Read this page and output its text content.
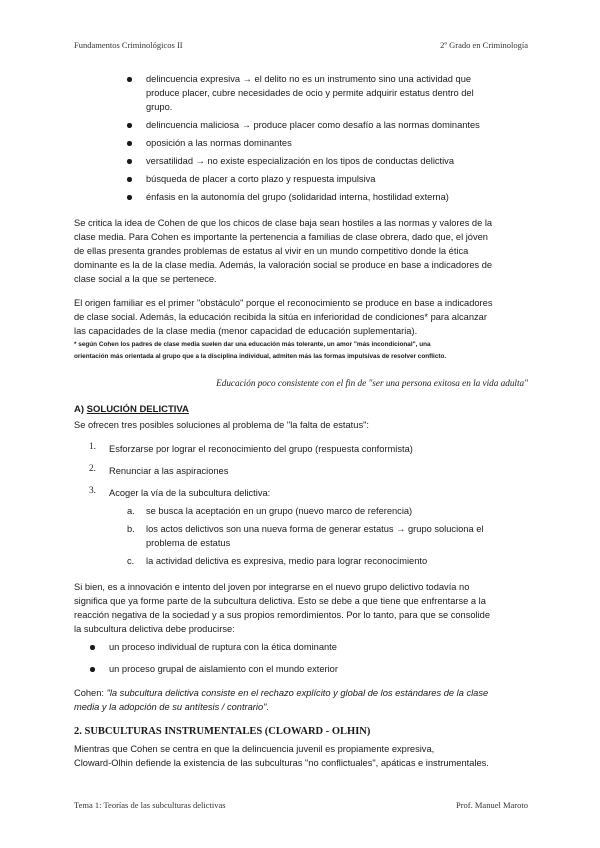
Fundamentos Criminológicos II	2º Grado en Criminología
delincuencia expresiva → el delito no es un instrumento sino una actividad que
produce placer, cubre necesidades de ocio y permite adquirir estatus dentro del
grupo.
delincuencia maliciosa → produce placer como desafío a las normas dominantes
oposición a las normas dominantes
versatilidad → no existe especialización en los tipos de conductas delictiva
búsqueda de placer a corto plazo y respuesta impulsiva
énfasis en la autonomía del grupo (solidaridad interna, hostilidad externa)
Se critica la idea de Cohen de que los chicos de clase baja sean hostiles a las normas y valores de la
clase media. Para Cohen es importante la pertenencia a familias de clase obrera, dado que, el jóven
de ellas presenta grandes problemas de estatus al vivir en un mundo competitivo donde la ética
dominante es la de la clase media. Además, la valoración social se produce en base a indicadores de
clase social a la que se pertenece.
El origen familiar es el primer "obstáculo" porque el reconocimiento se produce en base a indicadores
de clase social. Además, la educación recibida la sitúa en inferioridad de condiciones* para alcanzar
las capacidades de la clase media (menor capacidad de educación suplementaria).
* según Cohen los padres de clase media suelen dar una educación más tolerante, un amor "más incondicional", una
orientación más orientada al grupo que a la disciplina individual, admiten más las formas impulsivas de resolver conflicto.
Educación poco consistente con el fin de "ser una persona exitosa en la vida adulta"
A) SOLUCIÓN DELICTIVA
Se ofrecen tres posibles soluciones al problema de "la falta de estatus":
1. Esforzarse por lograr el reconocimiento del grupo (respuesta conformista)
2. Renunciar a las aspiraciones
3. Acoger la vía de la subcultura delictiva:
a. se busca la aceptación en un grupo (nuevo marco de referencia)
b. los actos delictivos son una nueva forma de generar estatus → grupo soluciona el
problema de estatus
c. la actividad delictiva es expresiva, medio para lograr reconocimiento
Si bien, es a innovación e intento del joven por integrarse en el nuevo grupo delictivo todavía no
significa que ya forme parte de la subcultura delictiva. Esto se debe a que tiene que enfrentarse a la
reacción negativa de la sociedad y a sus propios remordimientos. Por lo tanto, para que se consolide
la subcultura delictiva debe producirse:
un proceso individual de ruptura con la ética dominante
un proceso grupal de aislamiento con el mundo exterior
Cohen: "la subcultura delictiva consiste en el rechazo explícito y global de los estándares de la clase
media y la adopción de su antítesis / contrario".
2. SUBCULTURAS INSTRUMENTALES (CLOWARD - OLHIN)
Mientras que Cohen se centra en que la delincuencia juvenil es propiamente expresiva,
Cloward-Olhin defiende la existencia de las subculturas "no conflictuales", apáticas e instrumentales.
Tema 1: Teorías de las subculturas delictivas	Prof. Manuel Maroto
